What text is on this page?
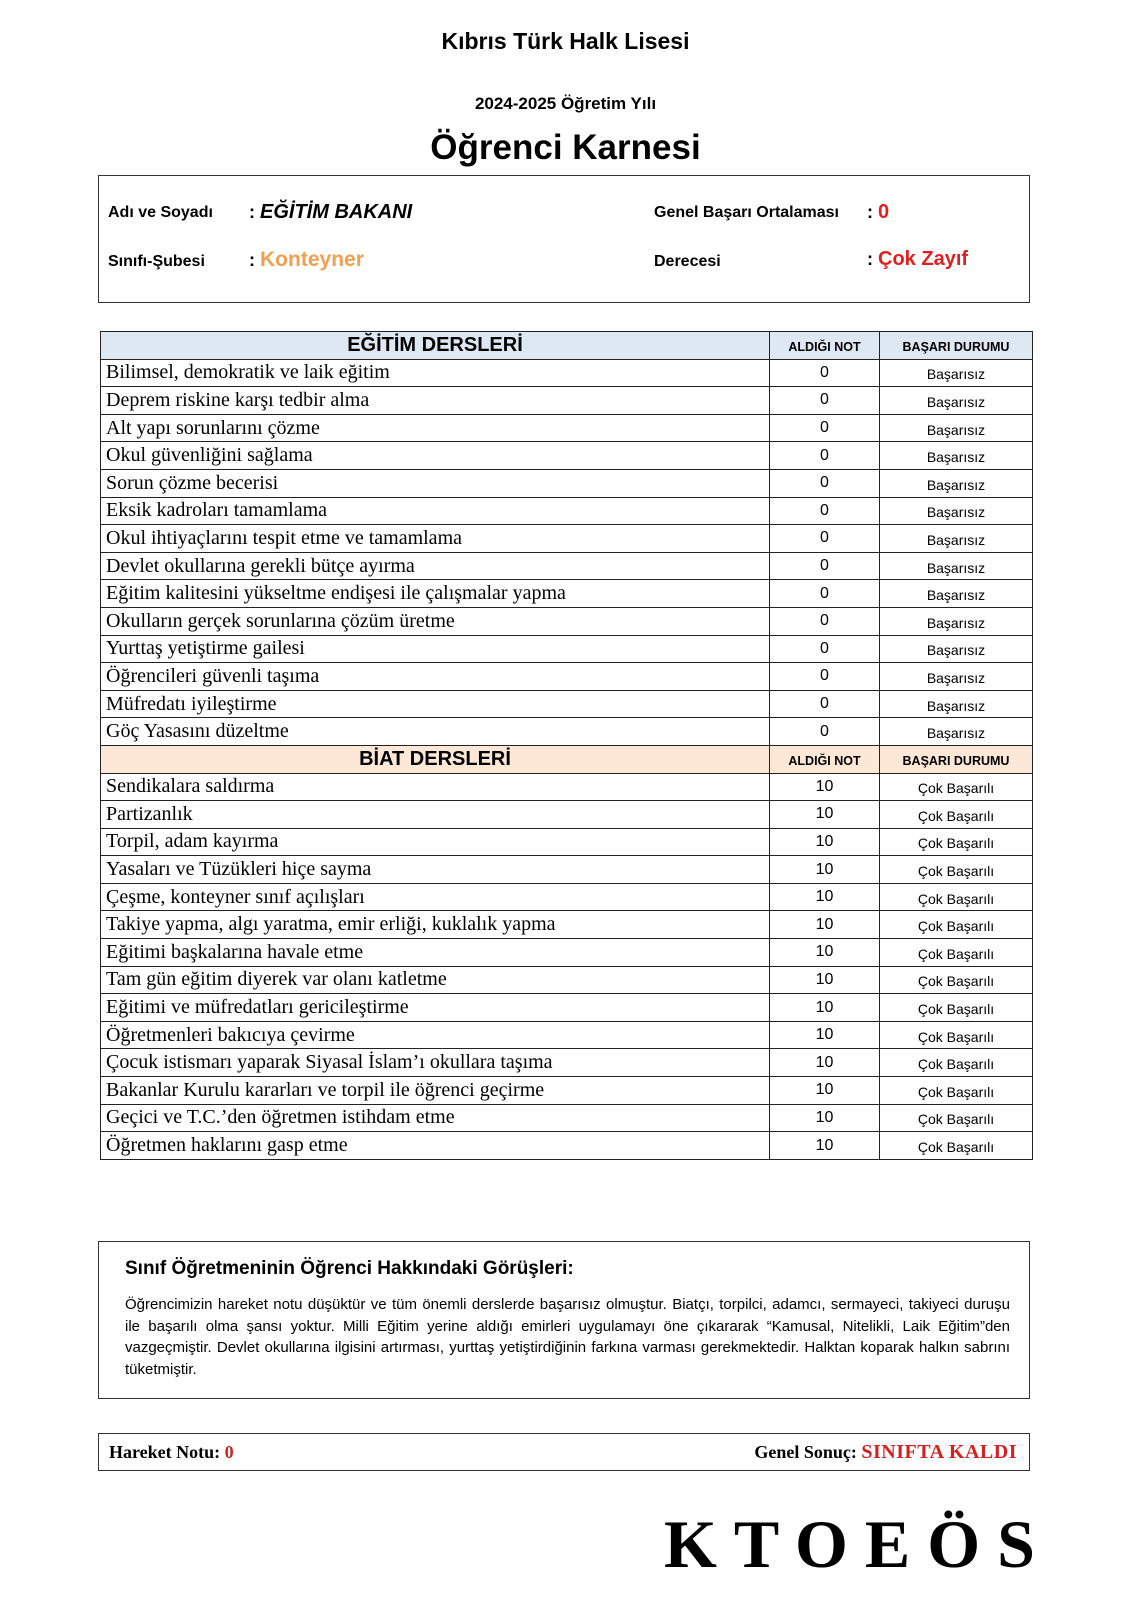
Kıbrıs Türk Halk Lisesi
2024-2025 Öğretim Yılı
Öğrenci Karnesi
Adı ve Soyadı : EĞİTİM BAKANI
Sınıfı-Şubesi : Konteyner
Genel Başarı Ortalaması : 0
Derecesi	: Çok Zayıf
EĞİTİM DERSLERİ	ALDIĞI NOT	BAŞARI DURUMU
Bilimsel, demokratik ve laik eğitim	0	Başarısız
Deprem riskine karşı tedbir alma	0	Başarısız
Alt yapı sorunlarını çözme	0	Başarısız
Okul güvenliğini sağlama	0	Başarısız
Sorun çözme becerisi	0	Başarısız
Eksik kadroları tamamlama	0	Başarısız
Okul ihtiyaçlarını tespit etme ve tamamlama	0	Başarısız
Devlet okullarına gerekli bütçe ayırma	0	Başarısız
Eğitim kalitesini yükseltme endişesi ile çalışmalar yapma	0	Başarısız
Okulların gerçek sorunlarına çözüm üretme	0	Başarısız
Yurttaş yetiştirme gailesi	0	Başarısız
Öğrencileri güvenli taşıma	0	Başarısız
Müfredatı iyileştirme	0	Başarısız
Göç Yasasını düzeltme	0	Başarısız
BİAT DERSLERİ	ALDIĞI NOT	BAŞARI DURUMU
Sendikalara saldırma	10	Çok Başarılı
Partizanlık	10	Çok Başarılı
Torpil, adam kayırma	10	Çok Başarılı
Yasaları ve Tüzükleri hiçe sayma	10	Çok Başarılı
Çeşme, konteyner sınıf açılışları	10	Çok Başarılı
Takiye yapma, algı yaratma, emir erliği, kuklalık yapma	10	Çok Başarılı
Eğitimi başkalarına havale etme	10	Çok Başarılı
Tam gün eğitim diyerek var olanı katletme	10	Çok Başarılı
Eğitimi ve müfredatları gericileştirme	10	Çok Başarılı
Öğretmenleri bakıcıya çevirme	10	Çok Başarılı
Çocuk istismarı yaparak Siyasal İslam’ı okullara taşıma	10	Çok Başarılı
Bakanlar Kurulu kararları ve torpil ile öğrenci geçirme	10	Çok Başarılı
Geçici ve T.C.’den öğretmen istihdam etme	10	Çok Başarılı
Öğretmen haklarını gasp etme	10	Çok Başarılı
Sınıf Öğretmeninin Öğrenci Hakkındaki Görüşleri:
Öğrencimizin hareket notu düşüktür ve tüm önemli derslerde başarısız olmuştur. Biatçı, torpilci, adamcı, sermayeci, takiyeci duruşu ile başarılı olma şansı yoktur. Milli Eğitim yerine aldığı emirleri uygulamayı öne çıkararak “Kamusal, Nitelikli, Laik Eğitim”den vazgeçmiştir. Devlet okullarına ilgisini artırması, yurttaş yetiştirdiğinin farkına varması gerekmektedir. Halktan koparak halkın sabrını tüketmiştir.
Hareket Notu: 0	Genel Sonuç: SINIFTA KALDI
KTOEÖS
